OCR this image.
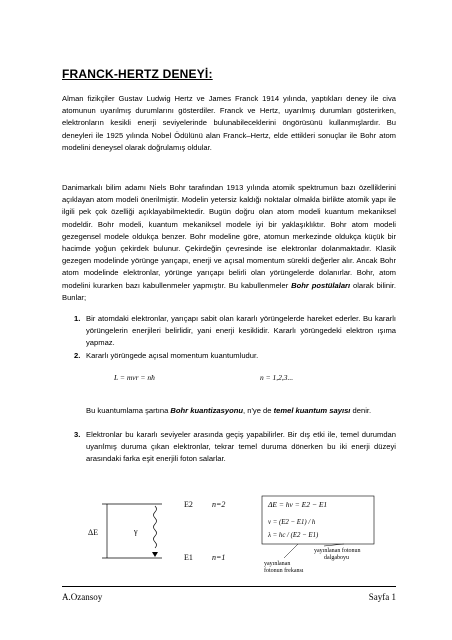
FRANCK-HERTZ DENEYİ:
Alman fizikçiler Gustav Ludwig Hertz ve James Franck 1914 yılında, yaptıkları deney ile civa atomunun uyarılmış durumlarını gösterdiler. Franck ve Hertz, uyarılmış durumları gösterirken, elektronların kesikli enerji seviyelerinde bulunabileceklerini öngörüsünü kullanmışlardır. Bu deneyleri ile 1925 yılında Nobel Ödülünü alan Franck–Hertz, elde ettikleri sonuçlar ile Bohr atom modelini deneysel olarak doğrulamış oldular.
Danimarkalı bilim adamı Niels Bohr tarafından 1913 yılında atomik spektrumun bazı özelliklerini açıklayan atom modeli önerilmiştir. Modelin yetersiz kaldığı noktalar olmakla birlikte atomik yapı ile ilgili pek çok özelliği açıklayabilmektedir. Bugün doğru olan atom modeli kuantum mekaniksel modeldir. Bohr modeli, kuantum mekaniksel modele iyi bir yaklaşıklıktır. Bohr atom modeli gezegensel modele oldukça benzer. Bohr modeline göre, atomun merkezinde oldukça küçük bir hacimde yoğun çekirdek bulunur. Çekirdeğin çevresinde ise elektronlar dolanmaktadır. Klasik gezegen modelinde yörünge yarıçapı, enerji ve açısal momentum sürekli değerler alır. Ancak Bohr atom modelinde elektronlar, yörünge yarıçapı belirli olan yörüngelerde dolanırlar. Bohr, atom modelini kurarken bazı kabullenmeler yapmıştır. Bu kabullenmeler Bohr postülaları olarak bilinir. Bunlar;
1. Bir atomdaki elektronlar, yarıçapı sabit olan kararlı yörüngelerde hareket ederler. Bu kararlı yörüngelerin enerjileri belirlidir, yani enerji kesiklidir. Kararlı yörüngedeki elektron ışıma yapmaz.
2. Kararlı yörüngede açısal momentum kuantumludur.
L = mvr = nħ	n = 1,2,3...
Bu kuantumlama şartına Bohr kuantizasyonu, n'ye de temel kuantum sayısı denir.
3. Elektronlar bu kararlı seviyeler arasında geçiş yapabilirler. Bir dış etki ile, temel durumdan uyarılmış duruma çıkan elektronlar, tekrar temel duruma dönerken bu iki enerji düzeyi arasındaki farka eşit enerjili foton salarlar.
E2 n=2
E1 n=1
ΔE	γ
ΔE = hν = E2 − E1
ν = (E2 − E1) / h
λ = hc / (E2 − E1)
yayınlanan fotonun
dalgaboyu
yayınlanan
fotonun frekansı
A.Ozansoy	Sayfa 1
